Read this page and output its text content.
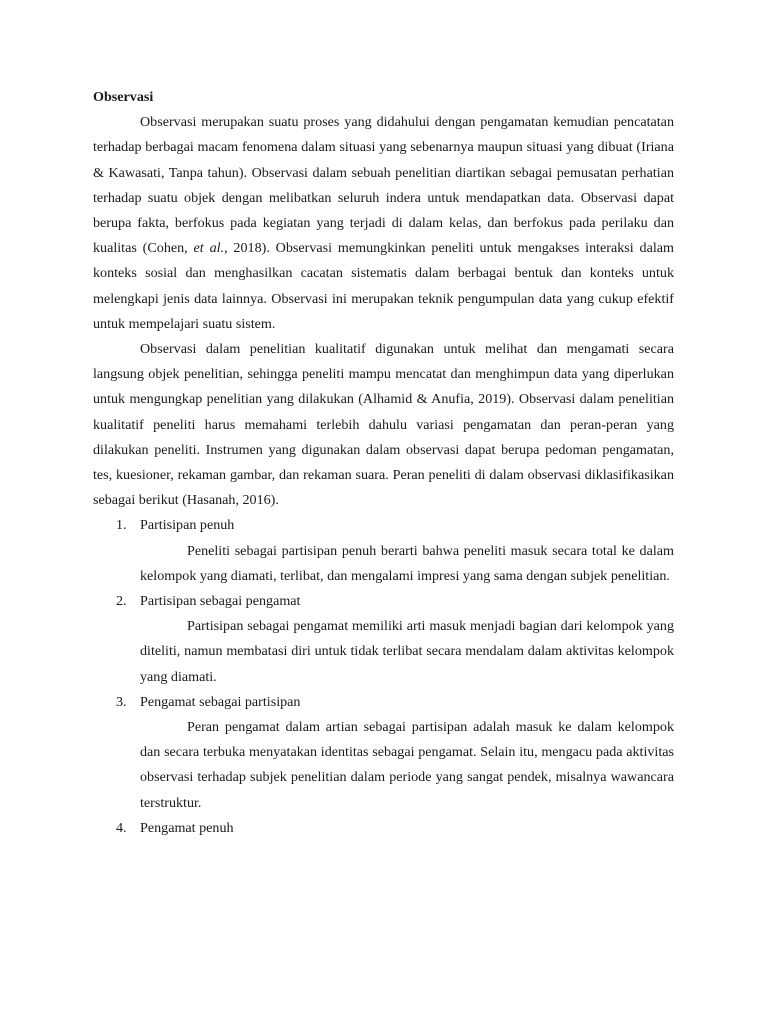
Observasi

Observasi merupakan suatu proses yang didahului dengan pengamatan kemudian pencatatan terhadap berbagai macam fenomena dalam situasi yang sebenarnya maupun situasi yang dibuat (Iriana & Kawasati, Tanpa tahun). Observasi dalam sebuah penelitian diartikan sebagai pemusatan perhatian terhadap suatu objek dengan melibatkan seluruh indera untuk mendapatkan data. Observasi dapat berupa fakta, berfokus pada kegiatan yang terjadi di dalam kelas, dan berfokus pada perilaku dan kualitas (Cohen, et al., 2018). Observasi memungkinkan peneliti untuk mengakses interaksi dalam konteks sosial dan menghasilkan cacatan sistematis dalam berbagai bentuk dan konteks untuk melengkapi jenis data lainnya. Observasi ini merupakan teknik pengumpulan data yang cukup efektif untuk mempelajari suatu sistem.

Observasi dalam penelitian kualitatif digunakan untuk melihat dan mengamati secara langsung objek penelitian, sehingga peneliti mampu mencatat dan menghimpun data yang diperlukan untuk mengungkap penelitian yang dilakukan (Alhamid & Anufia, 2019). Observasi dalam penelitian kualitatif peneliti harus memahami terlebih dahulu variasi pengamatan dan peran-peran yang dilakukan peneliti. Instrumen yang digunakan dalam observasi dapat berupa pedoman pengamatan, tes, kuesioner, rekaman gambar, dan rekaman suara. Peran peneliti di dalam observasi diklasifikasikan sebagai berikut (Hasanah, 2016).

1. Partisipan penuh

Peneliti sebagai partisipan penuh berarti bahwa peneliti masuk secara total ke dalam kelompok yang diamati, terlibat, dan mengalami impresi yang sama dengan subjek penelitian.

2. Partisipan sebagai pengamat

Partisipan sebagai pengamat memiliki arti masuk menjadi bagian dari kelompok yang diteliti, namun membatasi diri untuk tidak terlibat secara mendalam dalam aktivitas kelompok yang diamati.

3. Pengamat sebagai partisipan

Peran pengamat dalam artian sebagai partisipan adalah masuk ke dalam kelompok dan secara terbuka menyatakan identitas sebagai pengamat. Selain itu, mengacu pada aktivitas observasi terhadap subjek penelitian dalam periode yang sangat pendek, misalnya wawancara terstruktur.

4. Pengamat penuh
